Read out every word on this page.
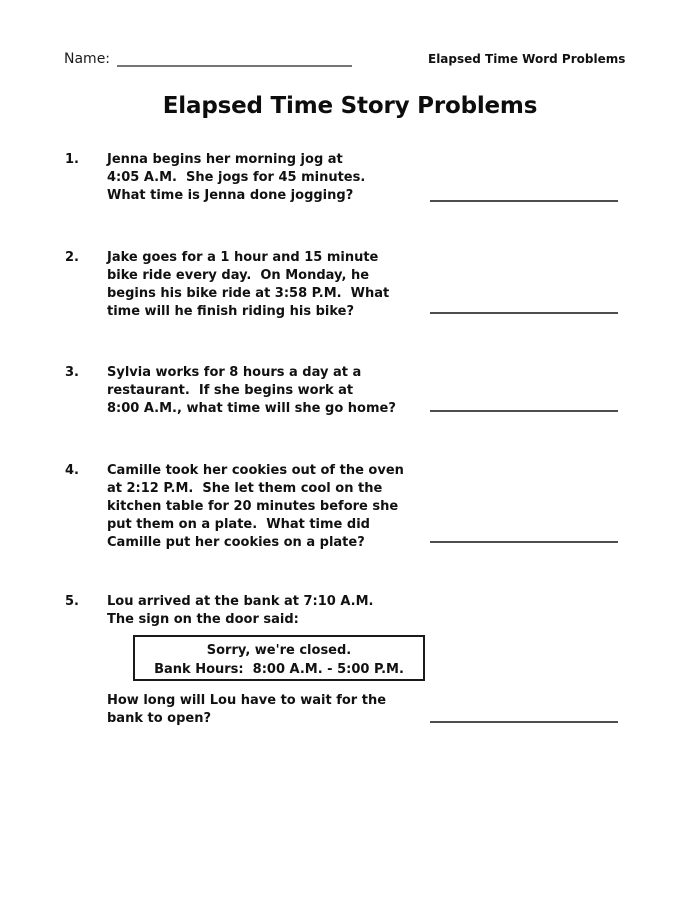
Name:	Elapsed Time Word Problems
Elapsed Time Story Problems
1.	Jenna begins her morning jog at
4:05 A.M.  She jogs for 45 minutes.
What time is Jenna done jogging?
2.	Jake goes for a 1 hour and 15 minute
bike ride every day.  On Monday, he
begins his bike ride at 3:58 P.M.  What
time will he finish riding his bike?
3.	Sylvia works for 8 hours a day at a
restaurant.  If she begins work at
8:00 A.M., what time will she go home?
4.	Camille took her cookies out of the oven
at 2:12 P.M.  She let them cool on the
kitchen table for 20 minutes before she
put them on a plate.  What time did
Camille put her cookies on a plate?
5.	Lou arrived at the bank at 7:10 A.M.
The sign on the door said:
Sorry, we're closed.
Bank Hours:  8:00 A.M. - 5:00 P.M.
How long will Lou have to wait for the
bank to open?
